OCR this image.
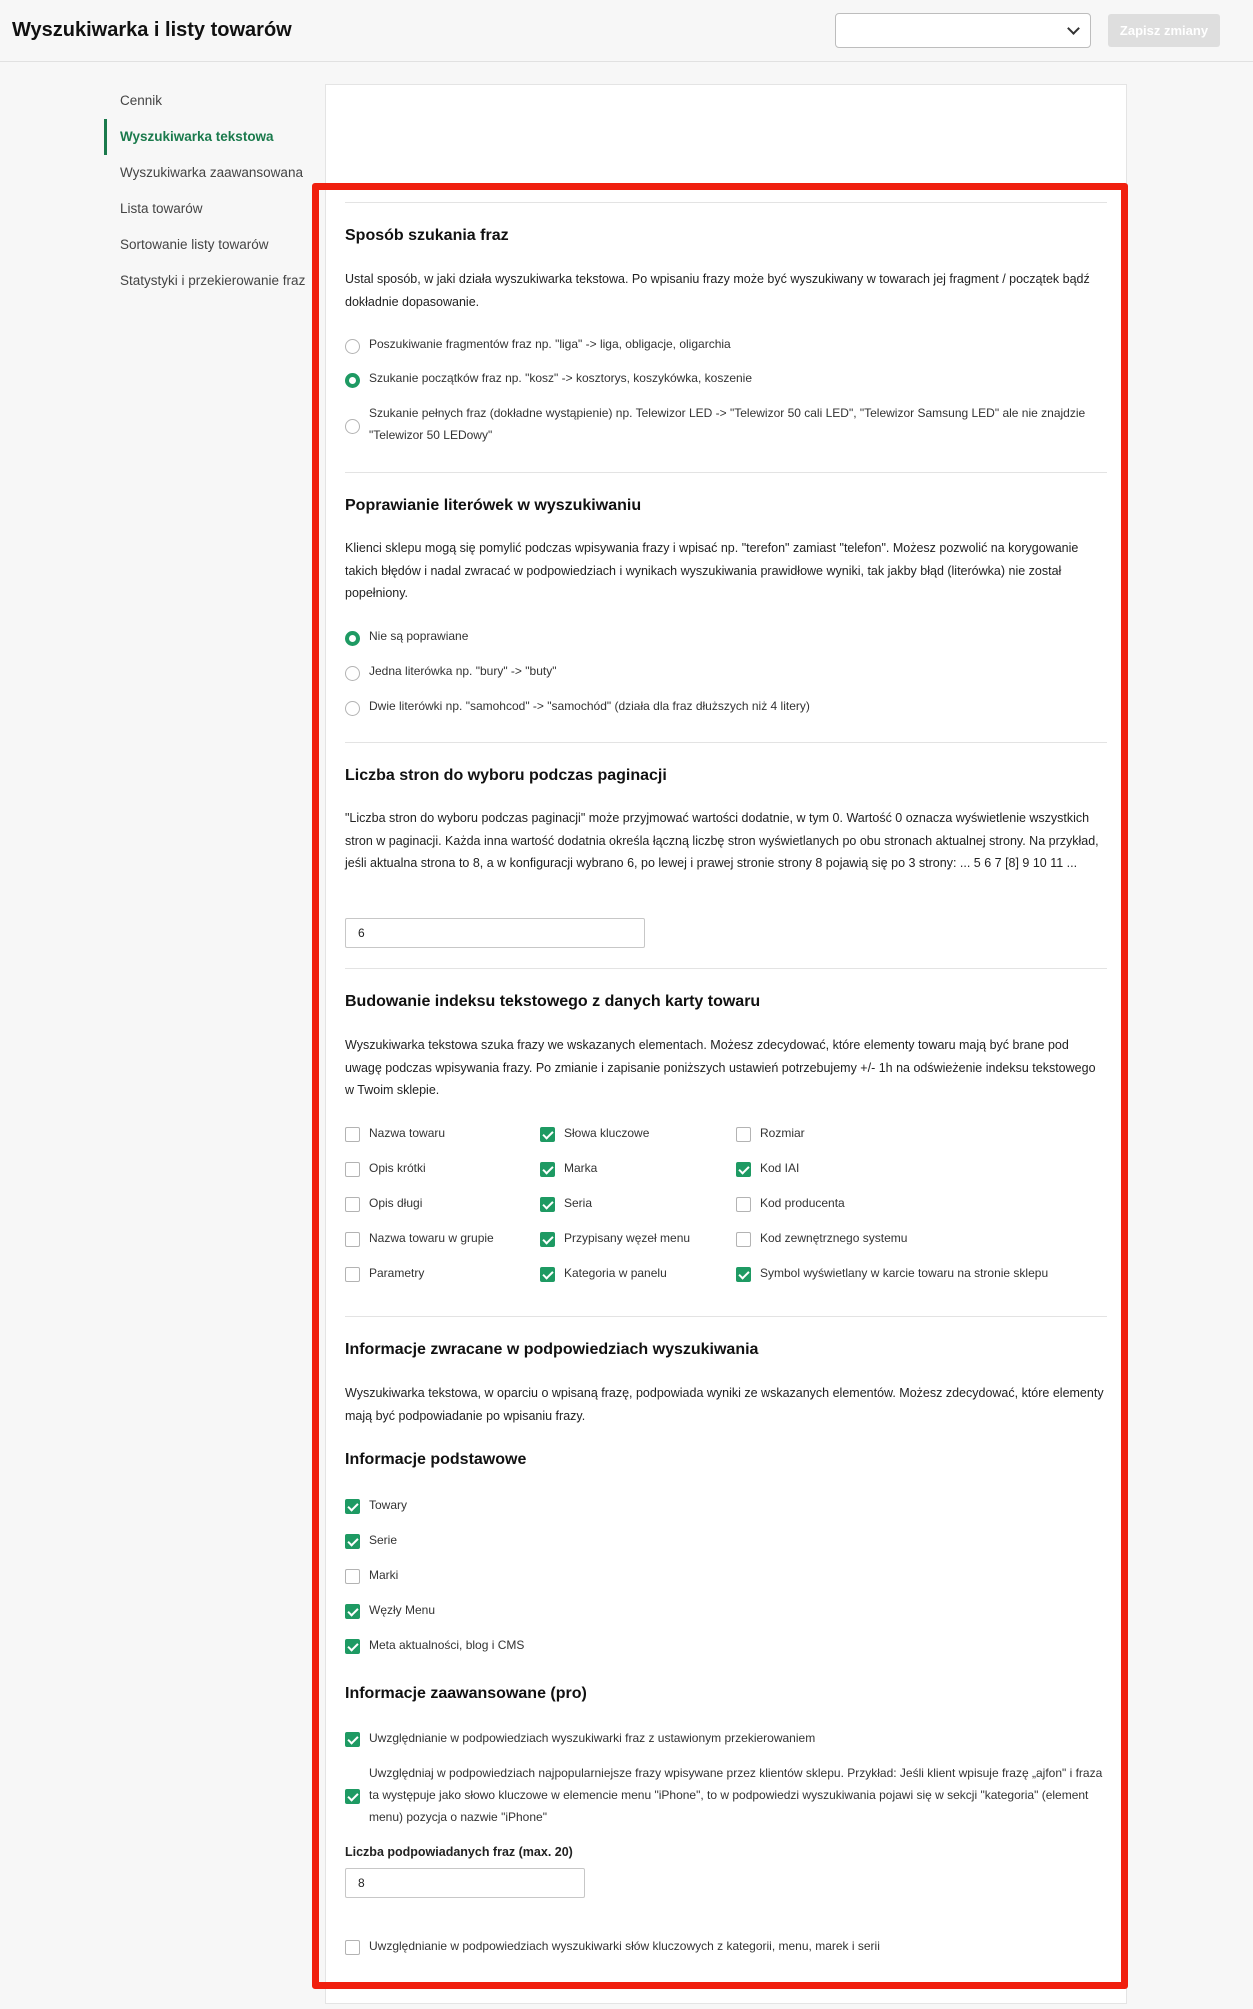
Wyszukiwarka i listy towarów	Zapisz zmiany
Cennik
Wyszukiwarka tekstowa
Wyszukiwarka zaawansowana
Lista towarów
Sortowanie listy towarów
Statystyki i przekierowanie fraz
Sposób szukania fraz
Ustal sposób, w jaki działa wyszukiwarka tekstowa. Po wpisaniu frazy może być wyszukiwany w towarach jej fragment / początek bądź dokładnie dopasowanie.
Poszukiwanie fragmentów fraz np. "liga" -> liga, obligacje, oligarchia
Szukanie początków fraz np. "kosz" -> kosztorys, koszykówka, koszenie
Szukanie pełnych fraz (dokładne wystąpienie) np. Telewizor LED -> "Telewizor 50 cali LED", "Telewizor Samsung LED" ale nie znajdzie "Telewizor 50 LEDowy"
Poprawianie literówek w wyszukiwaniu
Klienci sklepu mogą się pomylić podczas wpisywania frazy i wpisać np. "terefon" zamiast "telefon". Możesz pozwolić na korygowanie takich błędów i nadal zwracać w podpowiedziach i wynikach wyszukiwania prawidłowe wyniki, tak jakby błąd (literówka) nie został popełniony.
Nie są poprawiane
Jedna literówka np. "bury" -> "buty"
Dwie literówki np. "samohcod" -> "samochód" (działa dla fraz dłuższych niż 4 litery)
Liczba stron do wyboru podczas paginacji
"Liczba stron do wyboru podczas paginacji" może przyjmować wartości dodatnie, w tym 0. Wartość 0 oznacza wyświetlenie wszystkich stron w paginacji. Każda inna wartość dodatnia określa łączną liczbę stron wyświetlanych po obu stronach aktualnej strony. Na przykład, jeśli aktualna strona to 8, a w konfiguracji wybrano 6, po lewej i prawej stronie strony 8 pojawią się po 3 strony: ... 5 6 7 [8] 9 10 11 ...
6
Budowanie indeksu tekstowego z danych karty towaru
Wyszukiwarka tekstowa szuka frazy we wskazanych elementach. Możesz zdecydować, które elementy towaru mają być brane pod uwagę podczas wpisywania frazy. Po zmianie i zapisanie poniższych ustawień potrzebujemy +/- 1h na odświeżenie indeksu tekstowego w Twoim sklepie.
Nazwa towaru
Opis krótki
Opis długi
Nazwa towaru w grupie
Parametry
Słowa kluczowe
Marka
Seria
Przypisany węzeł menu
Kategoria w panelu
Rozmiar
Kod IAI
Kod producenta
Kod zewnętrznego systemu
Symbol wyświetlany w karcie towaru na stronie sklepu
Informacje zwracane w podpowiedziach wyszukiwania
Wyszukiwarka tekstowa, w oparciu o wpisaną frazę, podpowiada wyniki ze wskazanych elementów. Możesz zdecydować, które elementy mają być podpowiadanie po wpisaniu frazy.
Informacje podstawowe
Towary
Serie
Marki
Węzły Menu
Meta aktualności, blog i CMS
Informacje zaawansowane (pro)
Uwzględnianie w podpowiedziach wyszukiwarki fraz z ustawionym przekierowaniem
Uwzględniaj w podpowiedziach najpopularniejsze frazy wpisywane przez klientów sklepu. Przykład: Jeśli klient wpisuje frazę „ajfon" i fraza ta występuje jako słowo kluczowe w elemencie menu "iPhone", to w podpowiedzi wyszukiwania pojawi się w sekcji "kategoria" (element menu) pozycja o nazwie "iPhone"
Liczba podpowiadanych fraz (max. 20)
8
Uwzględnianie w podpowiedziach wyszukiwarki słów kluczowych z kategorii, menu, marek i serii
